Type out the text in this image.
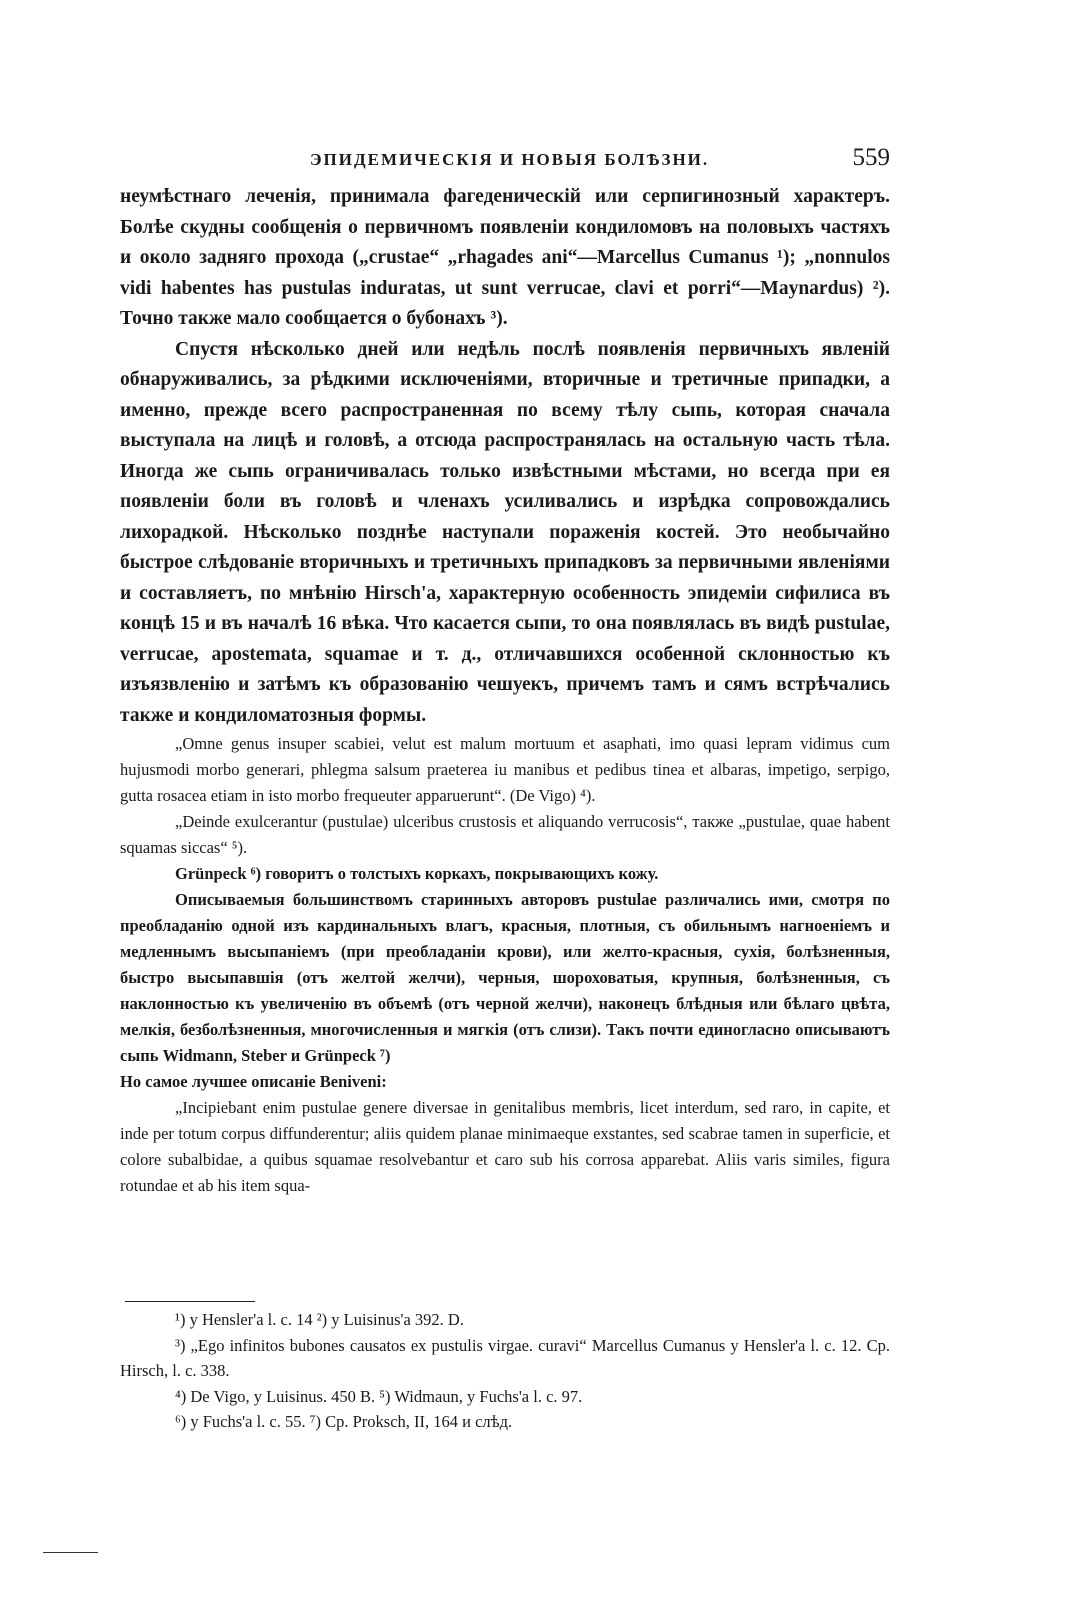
ЭПИДЕМИЧЕСКІЯ И НОВЫЯ БОЛѢЗНИ.	559

неумѣстнаго леченія, принимала фагеденическій или серпигинозный характеръ. Болѣе скудны сообщенія о первичномъ появленіи кондиломовъ на половыхъ частяхъ и около задняго прохода („crustae“ „rhagades ani“—Marcellus Cumanus ¹); „nonnulos vidi habentes has pustulas induratas, ut sunt verrucae, clavi et porri“—Maynardus) ²). Точно также мало сообщается о бубонахъ ³).

Спустя нѣсколько дней или недѣль послѣ появленія первичныхъ явленій обнаруживались, за рѣдкими исключеніями, вторичные и третичные припадки, а именно, прежде всего распространенная по всему тѣлу сыпь, которая сначала выступала на лицѣ и головѣ, а отсюда распространялась на остальную часть тѣла. Иногда же сыпь ограничивалась только извѣстными мѣстами, но всегда при ея появленіи боли въ головѣ и членахъ усиливались и изрѣдка сопровождались лихорадкой. Нѣсколько позднѣе наступали пораженія костей. Это необычайно быстрое слѣдованіе вторичныхъ и третичныхъ припадковъ за первичными явленіями и составляетъ, по мнѣнію Hirsch'а, характерную особенность эпидеміи сифилиса въ концѣ 15 и въ началѣ 16 вѣка. Что касается сыпи, то она появлялась въ видѣ pustulae, verrucae, apostemata, squamae и т. д., отличавшихся особенной склонностью къ изъязвленію и затѣмъ къ образованію чешуекъ, причемъ тамъ и сямъ встрѣчались также и кондиломатозныя формы.

„Omne genus insuper scabiei, velut est malum mortuum et asaphati, imo quasi lepram vidimus cum hujusmodi morbo generari, phlegma salsum praeterea iu manibus et pedibus tinea et albaras, impetigo, serpigo, gutta rosacea etiam in isto morbo frequeuter apparuerunt“. (De Vigo) ⁴).

„Deinde exulcerantur (pustulae) ulceribus crustosis et aliquando verrucosis“, также „pustulae, quae habent squamas siccas“ ⁵).

Grünpeck ⁶) говоритъ о толстыхъ коркахъ, покрывающихъ кожу.

Описываемыя большинствомъ старинныхъ авторовъ pustulae различались ими, смотря по преобладанію одной изъ кардинальныхъ влагъ, красныя, плотныя, съ обильнымъ нагноеніемъ и медленнымъ высыпаніемъ (при преобладаніи крови), или желто-красныя, сухія, болѣзненныя, быстро высыпавшія (отъ желтой желчи), черныя, шороховатыя, крупныя, болѣзненныя, съ наклонностью къ увеличенію въ объемѣ (отъ черной желчи), наконецъ блѣдныя или бѣлаго цвѣта, мелкія, безболѣзненныя, многочисленныя и мягкія (отъ слизи). Такъ почти единогласно описываютъ сыпь Widmann, Steber и Grünpeck ⁷)

Но самое лучшее описаніе Beniveni:

„Incipiebant enim pustulae genere diversae in genitalibus membris, licet interdum, sed raro, in capite, et inde per totum corpus diffunderentur; aliis quidem planae minimaeque exstantes, sed scabrae tamen in superficie, et colore subalbidae, a quibus squamae resolvebantur et caro sub his corrosa apparebat. Aliis varis similes, figura rotundae et ab his item squa-

¹) у Hensler'a l. c. 14 ²) у Luisinus'a 392. D.

³) „Ego infinitos bubones causatos ex pustulis virgae. curavi“ Marcellus Cumanus у Hensler'a l. c. 12. Cp. Hirsch, l. c. 338.

⁴) De Vigo, у Luisinus. 450 B. ⁵) Widmaun, у Fuchs'a l. c. 97.

⁶) у Fuchs'a l. c. 55. ⁷) Cp. Proksch, II, 164 и слѣд.
